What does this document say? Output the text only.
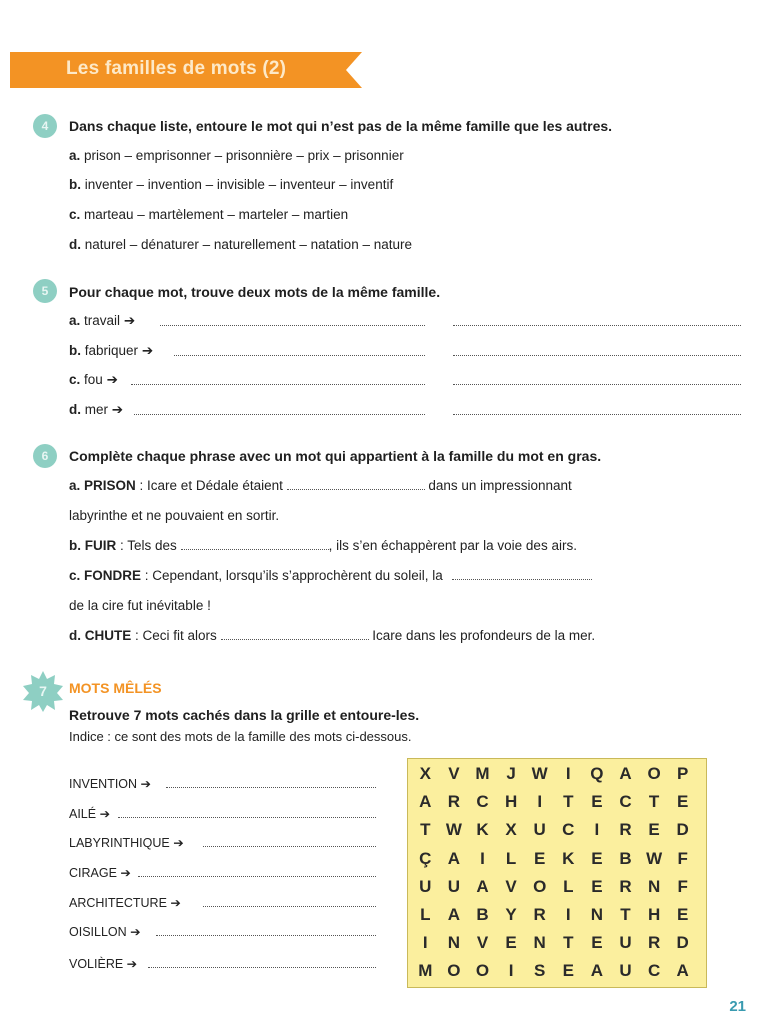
Les familles de mots (2)
4	Dans chaque liste, entoure le mot qui n’est pas de la même famille que les autres.
a. prison – emprisonner – prisonnière – prix – prisonnier
b. inventer – invention – invisible – inventeur – inventif
c. marteau – martèlement – marteler – martien
d. naturel – dénaturer – naturellement – natation – nature
5	Pour chaque mot, trouve deux mots de la même famille.
a. travail ➔
b. fabriquer ➔
c. fou ➔
d. mer ➔
6	Complète chaque phrase avec un mot qui appartient à la famille du mot en gras.
a. PRISON : Icare et Dédale étaient	dans un impressionnant
labyrinthe et ne pouvaient en sortir.
b. FUIR : Tels des	, ils s’en échappèrent par la voie des airs.
c. FONDRE : Cependant, lorsqu’ils s’approchèrent du soleil, la
de la cire fut inévitable !
d. CHUTE : Ceci fit alors	Icare dans les profondeurs de la mer.
7	MOTS MÊLÉS
Retrouve 7 mots cachés dans la grille et entoure-les.
Indice : ce sont des mots de la famille des mots ci-dessous.
INVENTION ➔
AILÉ ➔
LABYRINTHIQUE ➔
CIRAGE ➔
ARCHITECTURE ➔
OISILLON ➔
VOLIÈRE ➔
X	V M J W	I	Q A O P
A R C H	I	T	E C	T	E
T W K X U C	I	R E D
Ç A	I	L	E K E B W F
U U A V O L	E R N	F
L	A B Y R	I	N	T	H E
I	N V	E N	T	E U R D
M O O	I	S	E A U C A
21
